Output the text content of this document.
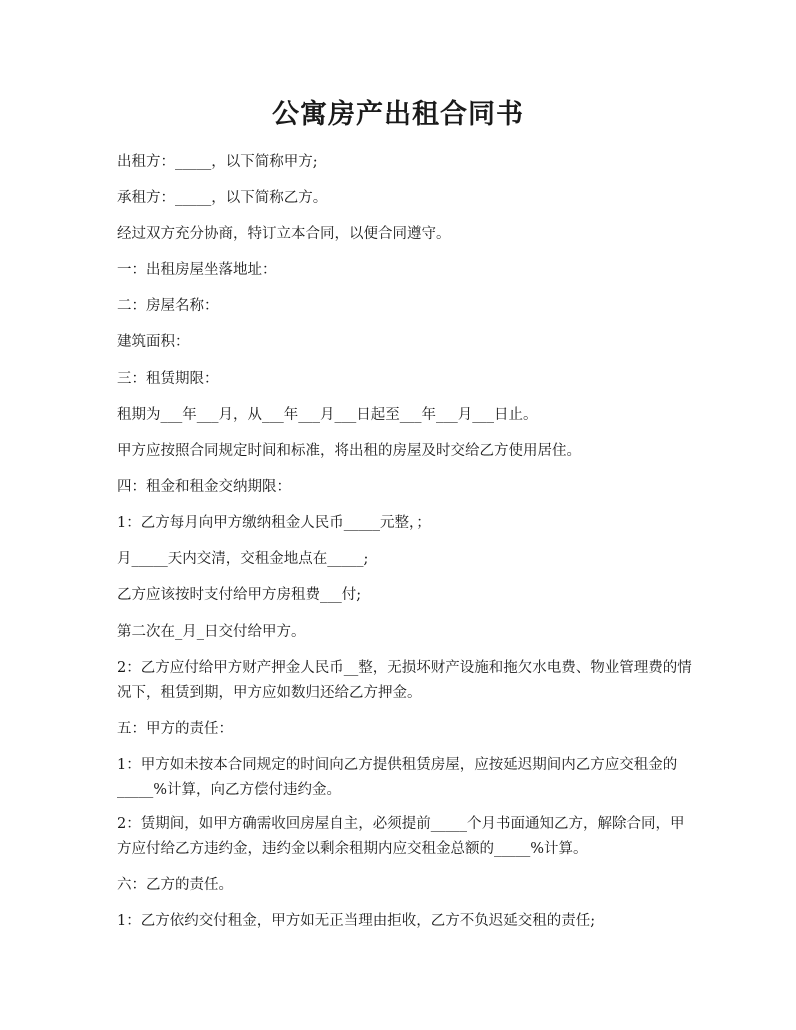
公寓房产出租合同书
出租方：_____，以下简称甲方;
承租方：_____，以下简称乙方。
经过双方充分协商，特订立本合同，以便合同遵守。
一：出租房屋坐落地址：
二：房屋名称：
建筑面积：
三：租赁期限：
租期为___年___月，从___年___月___日起至___年___月___日止。
甲方应按照合同规定时间和标准，将出租的房屋及时交给乙方使用居住。
四：租金和租金交纳期限：
1：乙方每月向甲方缴纳租金人民币_____元整，；
月_____天内交清，交租金地点在_____;
乙方应该按时支付给甲方房租费___付;
第二次在_月_日交付给甲方。
2：乙方应付给甲方财产押金人民币__整，无损坏财产设施和拖欠水电费、物业管理费的情况下，租赁到期，甲方应如数归还给乙方押金。
五：甲方的责任：
1：甲方如未按本合同规定的时间向乙方提供租赁房屋，应按延迟期间内乙方应交租金的_____%计算，向乙方偿付违约金。
2：赁期间，如甲方确需收回房屋自主，必须提前_____个月书面通知乙方，解除合同，甲方应付给乙方违约金，违约金以剩余租期内应交租金总额的_____%计算。
六：乙方的责任。
1：乙方依约交付租金，甲方如无正当理由拒收，乙方不负迟延交租的责任;
